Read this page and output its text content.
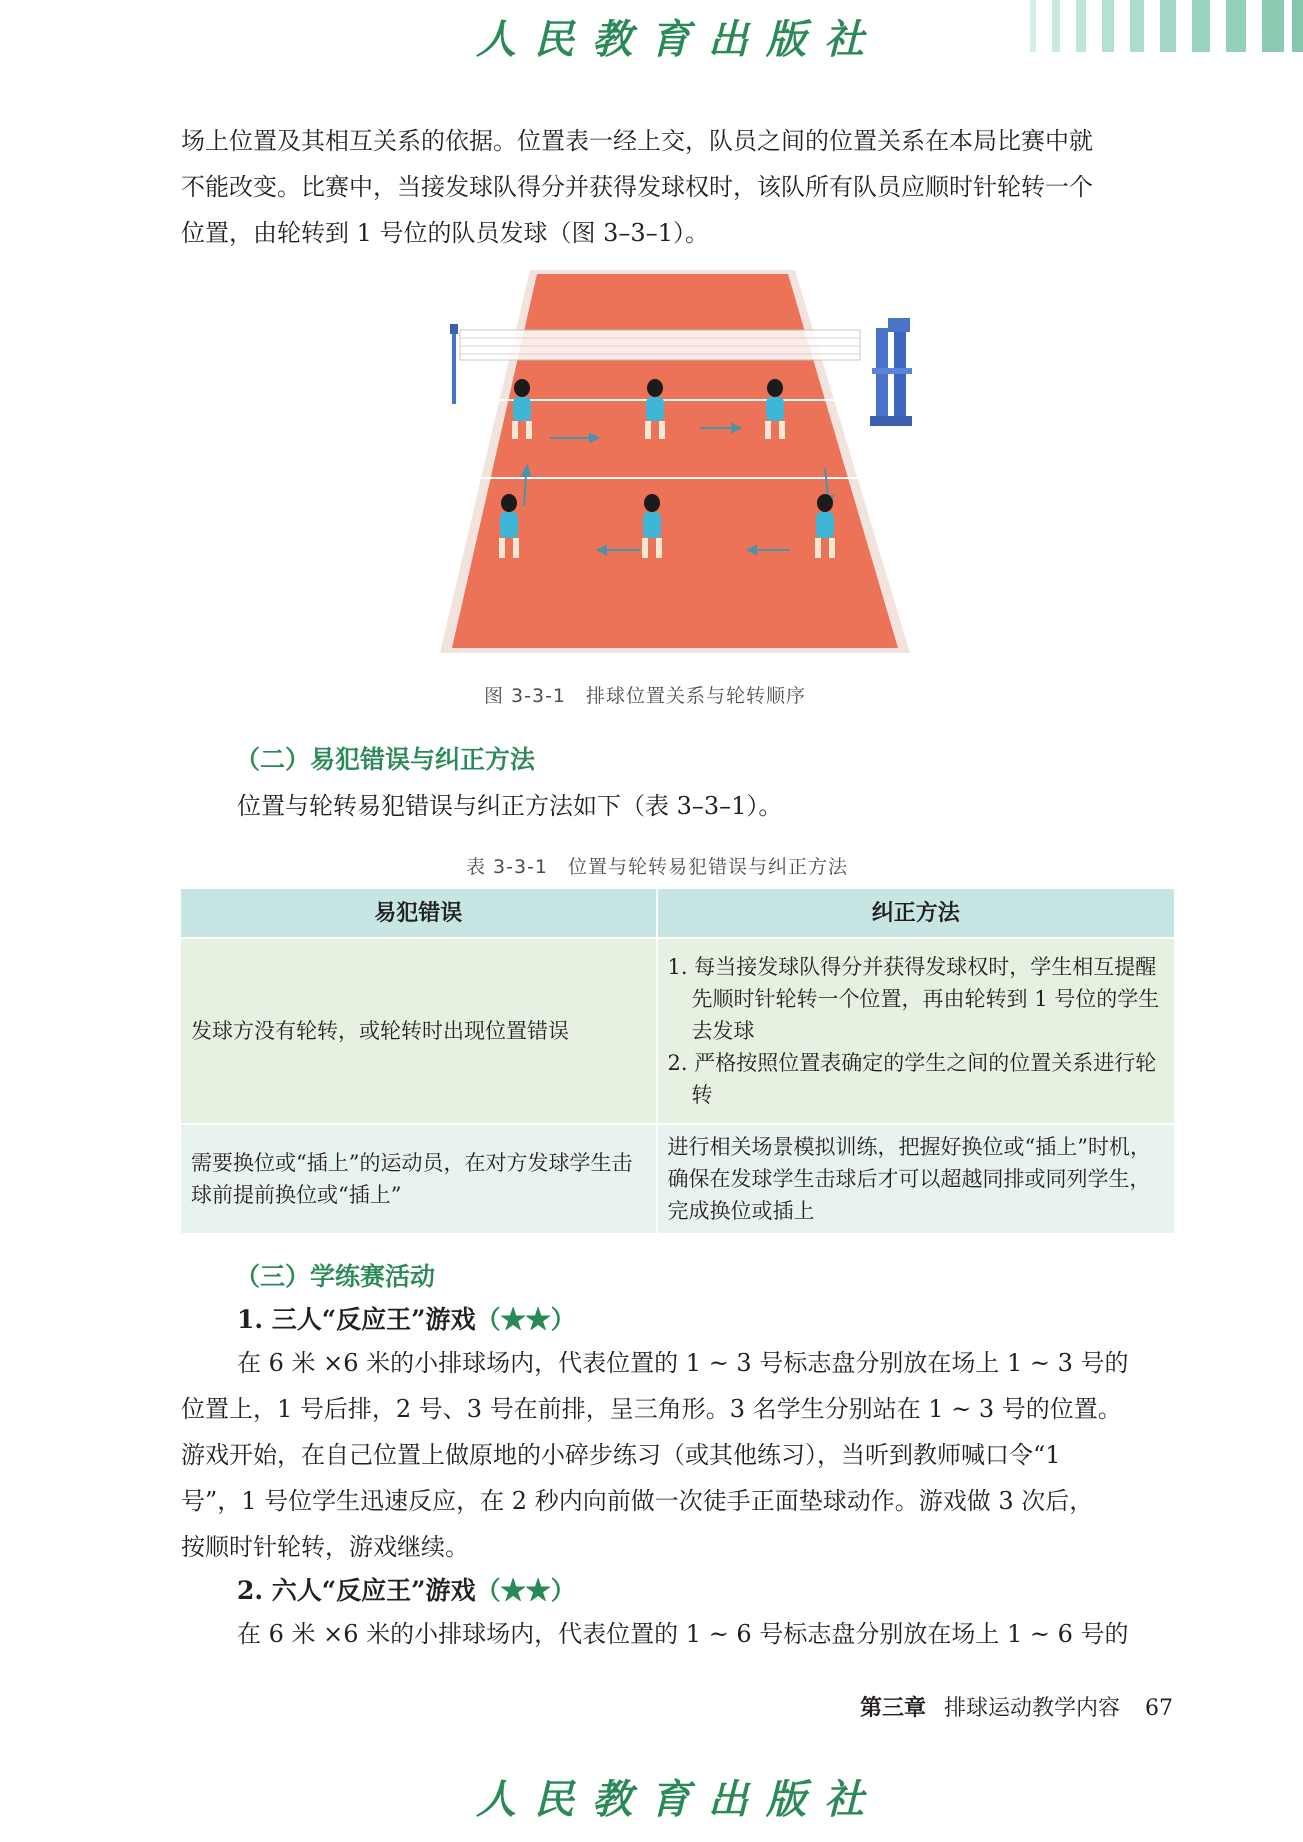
人民教育出版社
场上位置及其相互关系的依据。位置表一经上交，队员之间的位置关系在本局比赛中就
不能改变。比赛中，当接发球队得分并获得发球权时，该队所有队员应顺时针轮转一个
位置，由轮转到 1 号位的队员发球（图 3–3–1）。
图 3-3-1　排球位置关系与轮转顺序
（二）易犯错误与纠正方法
位置与轮转易犯错误与纠正方法如下（表 3–3–1）。
表 3-3-1　位置与轮转易犯错误与纠正方法
易犯错误	纠正方法
发球方没有轮转，或轮转时出现位置错误	1. 每当接发球队得分并获得发球权时，学生相互提醒先顺时针轮转一个位置，再由轮转到 1 号位的学生去发球
2. 严格按照位置表确定的学生之间的位置关系进行轮转

需要换位或“插上”的运动员，在对方发球学生击球前提前换位或“插上”	进行相关场景模拟训练，把握好换位或“插上”时机，确保在发球学生击球后才可以超越同排或同列学生，完成换位或插上
（三）学练赛活动
1. 三人“反应王”游戏（★★）
在 6 米 ×6 米的小排球场内，代表位置的 1 ~ 3 号标志盘分别放在场上 1 ~ 3 号的
位置上，1 号后排，2 号、3 号在前排，呈三角形。3 名学生分别站在 1 ~ 3 号的位置。
游戏开始，在自己位置上做原地的小碎步练习（或其他练习），当听到教师喊口令“1
号”，1 号位学生迅速反应，在 2 秒内向前做一次徒手正面垫球动作。游戏做 3 次后，
按顺时针轮转，游戏继续。
2. 六人“反应王”游戏（★★）
在 6 米 ×6 米的小排球场内，代表位置的 1 ~ 6 号标志盘分别放在场上 1 ~ 6 号的
第三章 排球运动教学内容 67
人民教育出版社
